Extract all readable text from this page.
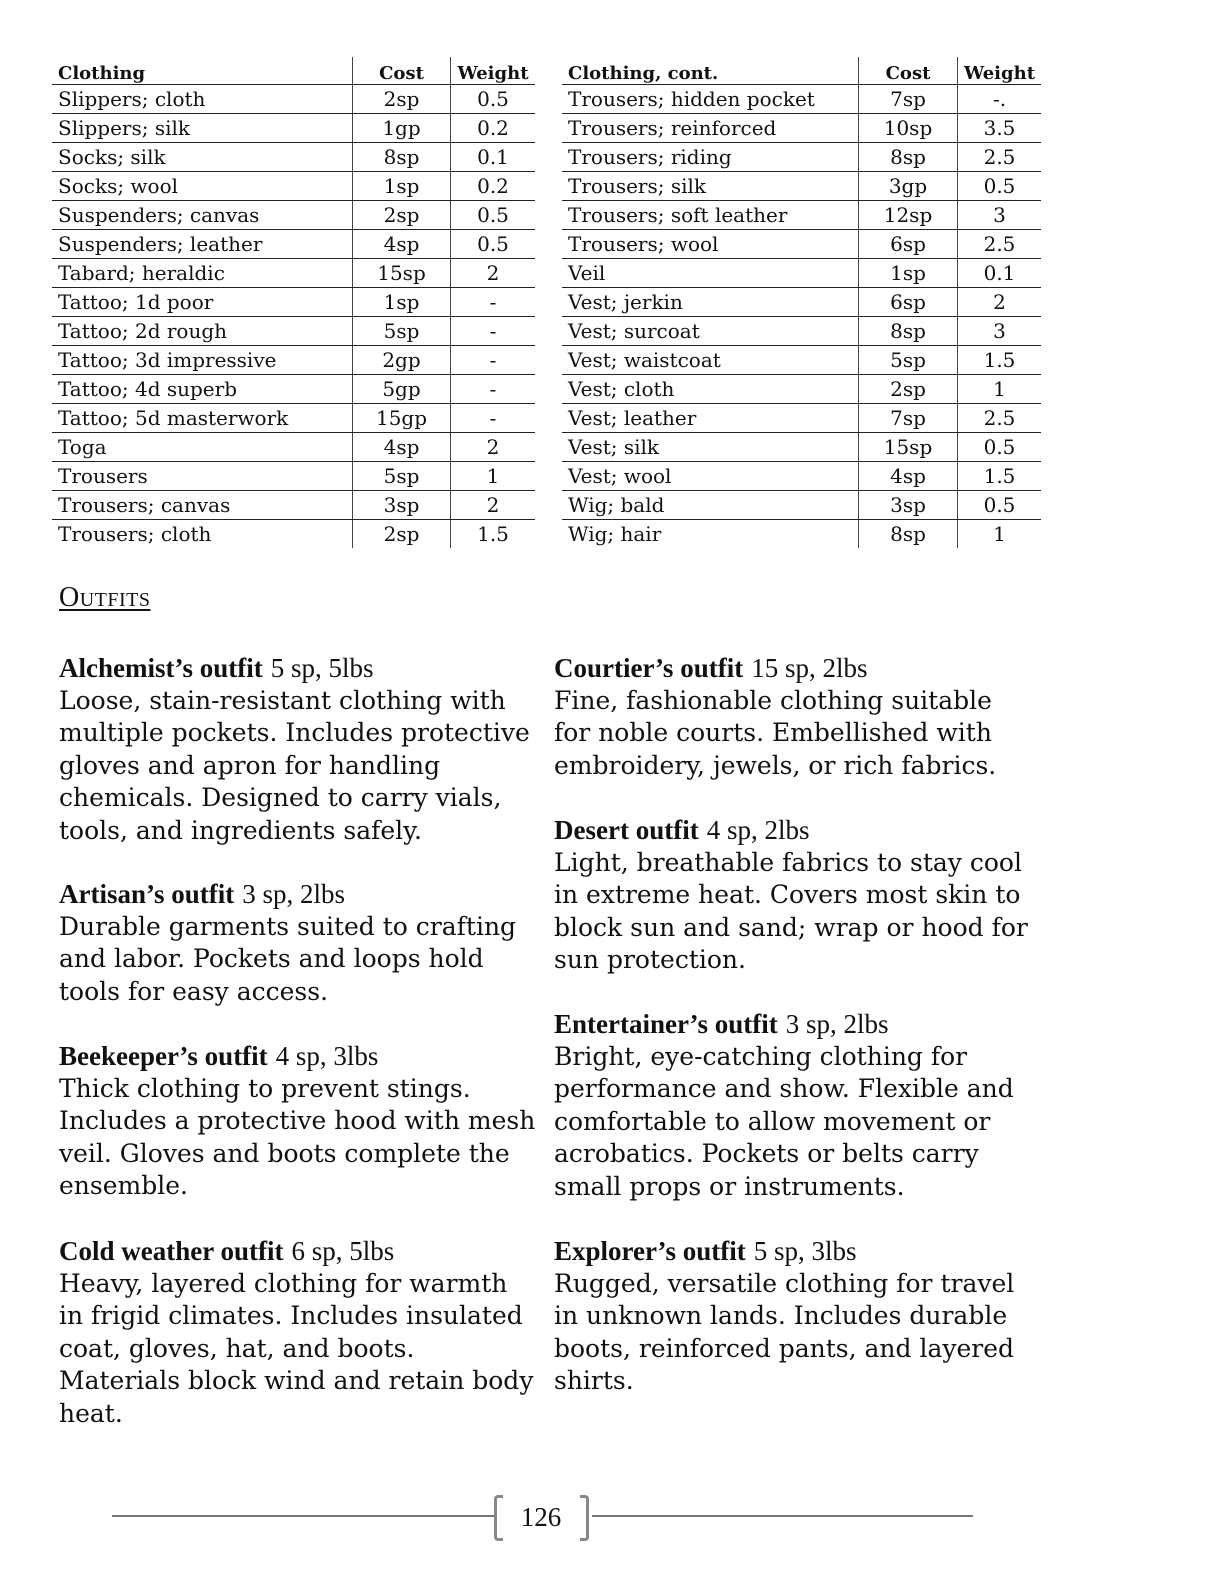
Clothing	Cost	Weight
Slippers; cloth	2sp	0.5
Slippers; silk	1gp	0.2
Socks; silk	8sp	0.1
Socks; wool	1sp	0.2
Suspenders; canvas	2sp	0.5
Suspenders; leather	4sp	0.5
Tabard; heraldic	15sp	2
Tattoo; 1d poor	1sp	-
Tattoo; 2d rough	5sp	-
Tattoo; 3d impressive	2gp	-
Tattoo; 4d superb	5gp	-
Tattoo; 5d masterwork	15gp	-
Toga	4sp	2
Trousers	5sp	1
Trousers; canvas	3sp	2
Trousers; cloth	2sp	1.5
Clothing, cont.	Cost	Weight
Trousers; hidden pocket	7sp	-.
Trousers; reinforced	10sp	3.5
Trousers; riding	8sp	2.5
Trousers; silk	3gp	0.5
Trousers; soft leather	12sp	3
Trousers; wool	6sp	2.5
Veil	1sp	0.1
Vest; jerkin	6sp	2
Vest; surcoat	8sp	3
Vest; waistcoat	5sp	1.5
Vest; cloth	2sp	1
Vest; leather	7sp	2.5
Vest; silk	15sp	0.5
Vest; wool	4sp	1.5
Wig; bald	3sp	0.5
Wig; hair	8sp	1
Outfits
Alchemist’s outfit 5 sp, 5lbs
Loose, stain-resistant clothing with multiple pockets. Includes protective gloves and apron for handling chemicals. Designed to carry vials, tools, and ingredients safely.
Artisan’s outfit 3 sp, 2lbs
Durable garments suited to crafting and labor. Pockets and loops hold tools for easy access.
Beekeeper’s outfit 4 sp, 3lbs
Thick clothing to prevent stings. Includes a protective hood with mesh veil. Gloves and boots complete the ensemble.
Cold weather outfit 6 sp, 5lbs
Heavy, layered clothing for warmth in frigid climates. Includes insulated coat, gloves, hat, and boots. Materials block wind and retain body heat.
Courtier’s outfit 15 sp, 2lbs
Fine, fashionable clothing suitable for noble courts. Embellished with embroidery, jewels, or rich fabrics.
Desert outfit 4 sp, 2lbs
Light, breathable fabrics to stay cool in extreme heat. Covers most skin to block sun and sand; wrap or hood for sun protection.
Entertainer’s outfit 3 sp, 2lbs
Bright, eye-catching clothing for performance and show. Flexible and comfortable to allow movement or acrobatics. Pockets or belts carry small props or instruments.
Explorer’s outfit 5 sp, 3lbs
Rugged, versatile clothing for travel in unknown lands. Includes durable boots, reinforced pants, and layered shirts.
126
